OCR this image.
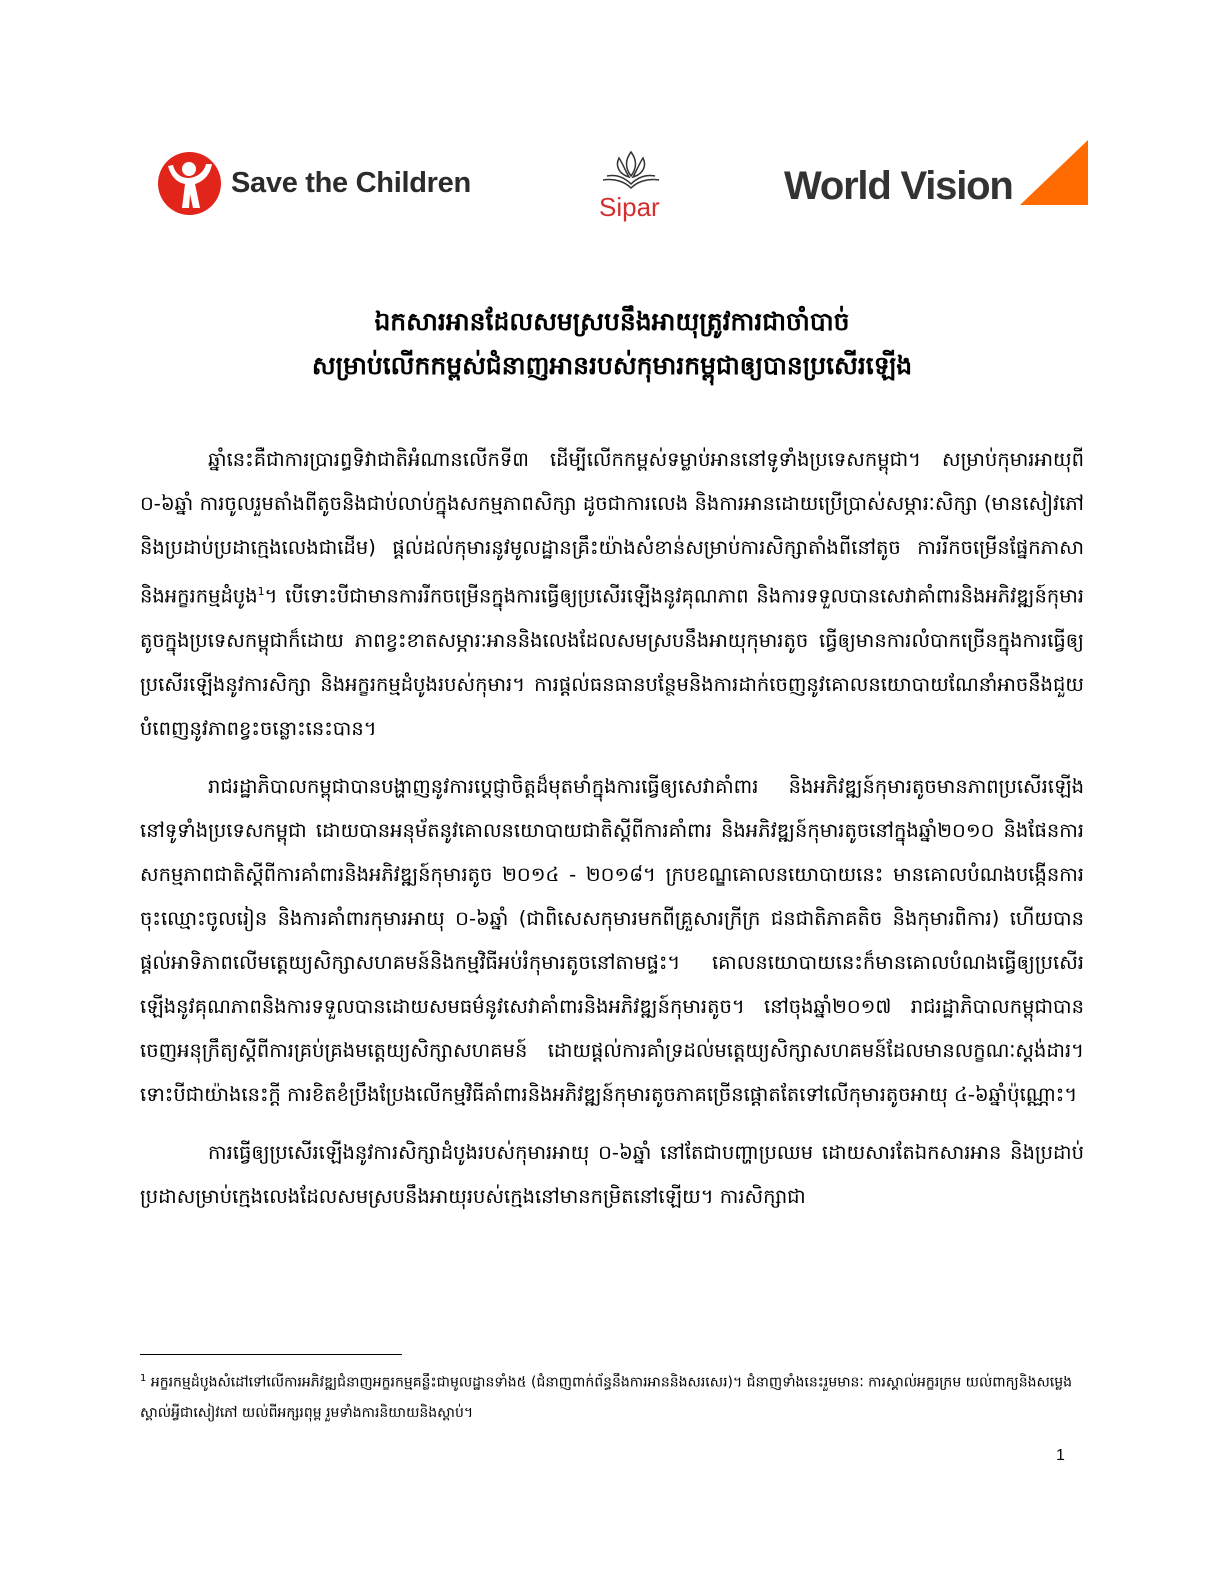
Save the Children
Sipar	World Vision
✦
ឯកសារអានដែលសមស្របនឹងអាយុត្រូវការជាចាំបាច់
សម្រាប់លើកកម្ពស់ជំនាញអានរបស់កុមារកម្ពុជាឲ្យបានប្រសើរឡើង

ឆ្នាំនេះគឺជាការប្រារព្ធទិវាជាតិអំណានលើកទី៣ ដើម្បីលើកកម្ពស់ទម្លាប់អាននៅទូទាំងប្រទេសកម្ពុជា។ សម្រាប់កុមារអាយុពី ០-៦ឆ្នាំ ការចូលរួមតាំងពីតូចនិងជាប់លាប់ក្នុងសកម្មភាពសិក្សា ដូចជាការលេង និងការអានដោយប្រើប្រាស់សម្ភារៈសិក្សា (មានសៀវភៅនិងប្រដាប់ប្រដាក្មេងលេងជាដើម) ផ្តល់ដល់កុមារនូវមូលដ្ឋានគ្រឹះយ៉ាងសំខាន់សម្រាប់ការសិក្សាតាំងពីនៅតូច ការរីកចម្រើនផ្នែកភាសា និងអក្ខរកម្មដំបូង$^1$។ បើទោះបីជាមានការរីកចម្រើនក្នុងការធ្វើឲ្យប្រសើរឡើងនូវគុណភាព និងការទទួលបានសេវាគាំពារនិងអភិវឌ្ឍន៍កុមារតូចក្នុងប្រទេសកម្ពុជាក៏ដោយ ភាពខ្វះខាតសម្ភារៈអាននិងលេងដែលសមស្របនឹងអាយុកុមារតូច ធ្វើឲ្យមានការលំបាកច្រើនក្នុងការធ្វើឲ្យប្រសើរឡើងនូវការសិក្សា និងអក្ខរកម្មដំបូងរបស់កុមារ។ ការផ្តល់ធនធានបន្ថែមនិងការដាក់ចេញនូវគោលនយោបាយណែនាំអាចនឹងជួយបំពេញនូវភាពខ្វះចន្លោះនេះបាន។

រាជរដ្ឋាភិបាលកម្ពុជាបានបង្ហាញនូវការប្តេជ្ញាចិត្តដ៏មុតមាំក្នុងការធ្វើឲ្យសេវាគាំពារ និងអភិវឌ្ឍន៍កុមារតូចមានភាពប្រសើរឡើងនៅទូទាំងប្រទេសកម្ពុជា ដោយបានអនុម័តនូវគោលនយោបាយជាតិស្តីពីការគាំពារ និងអភិវឌ្ឍន៍កុមារតូចនៅក្នុងឆ្នាំ២០១០ និងផែនការសកម្មភាពជាតិស្តីពីការគាំពារនិងអភិវឌ្ឍន៍កុមារតូច ២០១៤ - ២០១៨។ ក្របខណ្ឌគោលនយោបាយនេះ មានគោលបំណងបង្កើនការចុះឈ្មោះចូលរៀន និងការគាំពារកុមារអាយុ ០-៦ឆ្នាំ (ជាពិសេសកុមារមកពីគ្រួសារក្រីក្រ ជនជាតិភាគតិច និងកុមារពិការ) ហើយបានផ្តល់អាទិភាពលើមត្តេយ្យសិក្សាសហគមន៍និងកម្មវិធីអប់រំកុមារតូចនៅតាមផ្ទះ។ គោលនយោបាយនេះក៏មានគោលបំណងធ្វើឲ្យប្រសើរឡើងនូវគុណភាពនិងការទទួលបានដោយសមធម៌នូវសេវាគាំពារនិងអភិវឌ្ឍន៍កុមារតូច។ នៅចុងឆ្នាំ២០១៧ រាជរដ្ឋាភិបាលកម្ពុជាបានចេញអនុក្រឹត្យស្តីពីការគ្រប់គ្រងមត្តេយ្យសិក្សាសហគមន៍ ដោយផ្តល់ការគាំទ្រដល់មត្តេយ្យសិក្សាសហគមន៍ដែលមានលក្ខណៈស្តង់ដារ។ ទោះបីជាយ៉ាងនេះក្តី ការខិតខំប្រឹងប្រែងលើកម្មវិធីគាំពារនិងអភិវឌ្ឍន៍កុមារតូចភាគច្រើនផ្តោតតែទៅលើកុមារតូចអាយុ ៤-៦ឆ្នាំប៉ុណ្ណោះ។

ការធ្វើឲ្យប្រសើរឡើងនូវការសិក្សាដំបូងរបស់កុមារអាយុ ០-៦ឆ្នាំ នៅតែជាបញ្ហាប្រឈម ដោយសារតែឯកសារអាន និងប្រដាប់ប្រដាសម្រាប់ក្មេងលេងដែលសមស្របនឹងអាយុរបស់ក្មេងនៅមានកម្រិតនៅឡើយ។ ការសិក្សាជា

$^1$ អក្ខរកម្មដំបូងសំដៅទៅលើការអភិវឌ្ឍជំនាញអក្ខរកម្មគន្លឹះជាមូលដ្ឋានទាំង៥ (ជំនាញពាក់ព័ន្ធនឹងការអាននិងសរសេរ)។ ជំនាញទាំងនេះរួមមានៈ ការស្គាល់អក្ខរក្រម យល់ពាក្យនិងសម្លេង ស្គាល់អ្វីជាសៀវភៅ យល់ពីអក្សរពុម្ព រួមទាំងការនិយាយនិងស្តាប់។
1
